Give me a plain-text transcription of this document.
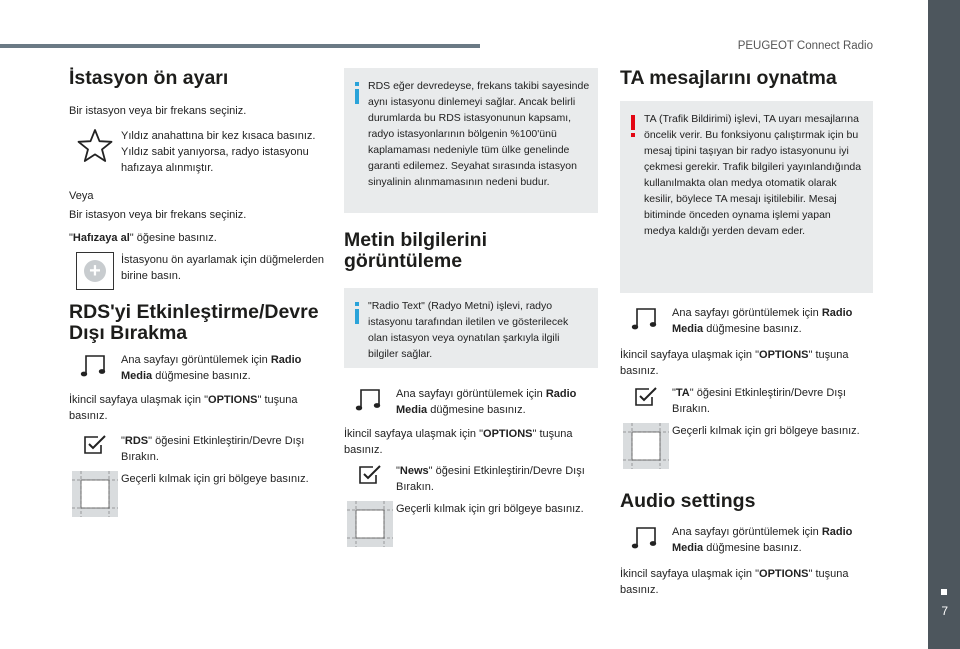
PEUGEOT Connect Radio
7
İstasyon ön ayarı

Bir istasyon veya bir frekans seçiniz.

Yıldız anahattına bir kez kısaca basınız. Yıldız sabit yanıyorsa, radyo istasyonu hafızaya alınmıştır.

Veya

Bir istasyon veya bir frekans seçiniz.

"Hafızaya al" öğesine basınız.

+	İstasyonu ön ayarlamak için düğmelerden birine basın.

RDS'yi Etkinleştirme/Devre Dışı Bırakma

Ana sayfayı görüntülemek için Radio Media düğmesine basınız.

İkincil sayfaya ulaşmak için "OPTIONS" tuşuna basınız.

"RDS" öğesini Etkinleştirin/Devre Dışı Bırakın.

Geçerli kılmak için gri bölgeye basınız.

RDS eğer devredeyse, frekans takibi sayesinde aynı istasyonu dinlemeyi sağlar. Ancak belirli durumlarda bu RDS istasyonunun kapsamı, radyo istasyonlarının bölgenin %100'ünü kaplamaması nedeniyle tüm ülke genelinde garanti edilemez. Seyahat sırasında istasyon sinyalinin alınmamasının nedeni budur.

Metin bilgilerini görüntüleme

"Radio Text" (Radyo Metni) işlevi, radyo istasyonu tarafından iletilen ve gösterilecek olan istasyon veya oynatılan şarkıyla ilgili bilgiler sağlar.

Ana sayfayı görüntülemek için Radio Media düğmesine basınız.

İkincil sayfaya ulaşmak için "OPTIONS" tuşuna basınız.

"News" öğesini Etkinleştirin/Devre Dışı Bırakın.

Geçerli kılmak için gri bölgeye basınız.

TA mesajlarını oynatma

TA (Trafik Bildirimi) işlevi, TA uyarı mesajlarına öncelik verir. Bu fonksiyonu çalıştırmak için bu mesaj tipini taşıyan bir radyo istasyonunu iyi çekmesi gerekir. Trafik bilgileri yayınlandığında kullanılmakta olan medya otomatik olarak kesilir, böylece TA mesajı işitilebilir. Mesaj bitiminde önceden oynama işlemi yapan medya kaldığı yerden devam eder.

Ana sayfayı görüntülemek için Radio Media düğmesine basınız.

İkincil sayfaya ulaşmak için "OPTIONS" tuşuna basınız.

"TA" öğesini Etkinleştirin/Devre Dışı Bırakın.

Geçerli kılmak için gri bölgeye basınız.

Audio settings

Ana sayfayı görüntülemek için Radio Media düğmesine basınız.

İkincil sayfaya ulaşmak için "OPTIONS" tuşuna basınız.
